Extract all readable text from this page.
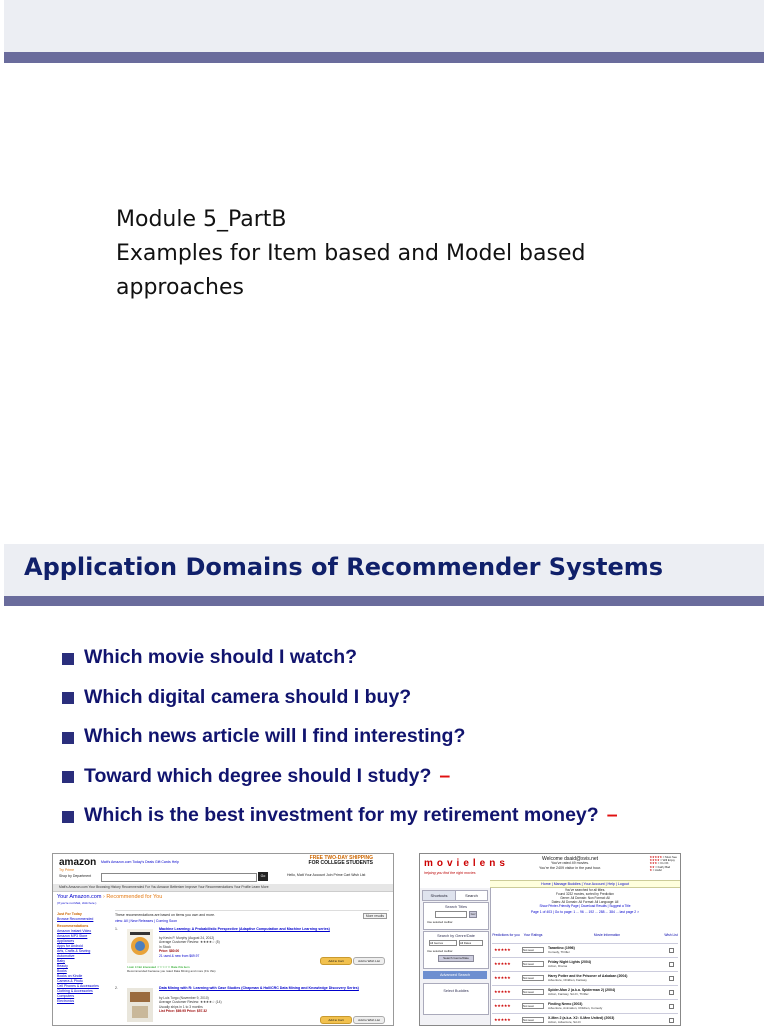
Module 5_PartB
Examples for Item based and Model based
approaches
Application Domains of Recommender Systems
Which movie should I watch?
Which digital camera should I buy?
Which news article will I find interesting?
Toward which degree should I study? –
Which is the best investment for my retirement money? –
amazon
Try Prime
Matt's Amazon.com Today's Deals Gift Cards Help
FREE TWO-DAY SHIPPING
FOR COLLEGE STUDENTS
Shop by Department	Go	Hello, Matt Your Account Join Prime Cart Wish List
Matt's Amazon.com Your Browsing History Recommended For You Amazon Betterizer Improve Your Recommendations Your Profile Learn More
Your Amazon.com › Recommended for You
(If you're not Matt, click here.)
Just For Today
Browse Recommended
Recommendations
Amazon Instant Video
Amazon MP3 Store
Appliances
Apps for Android
Arts, Crafts & Sewing
Automotive
Baby
Beauty
Books
Books on Kindle
Camera & Photo
Cell Phones & Accessories
Clothing & Accessories
Computers
Electronics
These recommendations are based on items you own and more.
view: All | New Releases | Coming Soon
More results
1.	Machine Learning: A Probabilistic Perspective (Adaptive Computation and Machine Learning series)
by Kevin P. Murphy (August 24, 2012)
Average Customer Review: ★★★★☆ (5)
In Stock
Price: $80.00
21 used & new from $69.97
Add to Cart	Add to Wish List
I own it Not interested ☆☆☆☆☆ Rate this item
Recommended because you rated Data Mining and more (Fix this)
2.	Data Mining with R: Learning with Case Studies (Chapman & Hall/CRC Data Mining and Knowledge Discovery Series)
by Luis Torgo (November 9, 2010)
Average Customer Review: ★★★★☆ (14)
Usually ships in 1 to 3 months
List Price: $69.95 Price: $57.32
Add to Cart	Add to Wish List
movielens
helping you find the right movies
Welcome dsaid@svis.net
You've rated 49 movies.
You're the 2409 visitor in the past hour.
★★★★★ = Must See
★★★★ = Will Enjoy
★★★ = It's OK
★★ = Fairly Bad
★ = Awful
Home | Manage Buddies | Your Account | Help | Logout
Shortcuts	Search
Search Titles
Go!
Use selected toolbar
Search by Genre/Date
All Genres	All Dates
Use selected toolbar
Search Genre/Date
Advanced Search
Select Buddies
You've searched for all titles.
Found 3232 movies, sorted by Prediction
Genre: All Domain: Non Format: All
Dates: All Domain: All Format: All Language: All
Show Printer-Friendly Page | Download Results | Suggest a Title
Page 1 of 403 | Go to page: 1 ... 96 ... 192 ... 288 ... 384 ... last page 2 >
Predictions for you	Your Ratings	Movie Information	Wish List
★★★★★	Not seen	Tarantino (1996)
Comedy, Thriller
★★★★★	Not seen	Friday Night Lights (2004)
Action, Drama
★★★★★	Not seen	Harry Potter and the Prisoner of Azkaban (2004)
Adventure, Children, Fantasy
★★★★★	Not seen	Spider-Man 2 (a.k.a. Spiderman 2) (2004)
Action, Fantasy, Sci-Fi, Thriller
★★★★★	Not seen	Finding Nemo (2003)
Adventure, Animation, Children, Comedy
★★★★★	Not seen	X-Men 2 (a.k.a. X2: X-Men United) (2003)
Action, Adventure, Sci-Fi
